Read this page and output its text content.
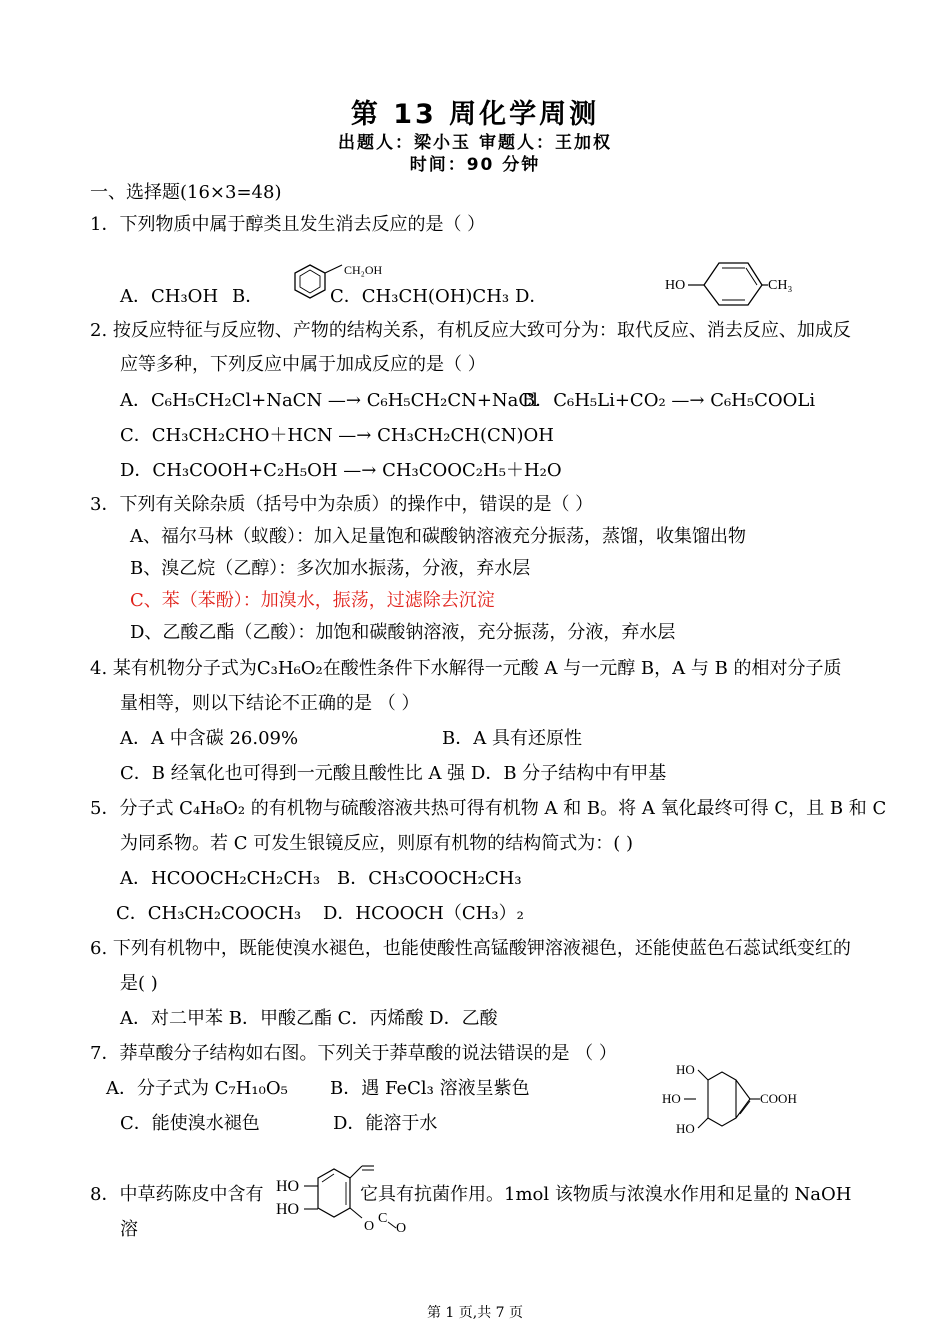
第 13 周化学周测
出题人：梁小玉 审题人：王加权
时间：90 分钟
一、选择题(16×3=48)
1．下列物质中属于醇类且发生消去反应的是（ ）
A．CH₃OH B．
CH₂OH
C．CH₃CH(OH)CH₃ D．
HO	CH₃
2. 按反应特征与反应物、产物的结构关系，有机反应大致可分为：取代反应、消去反应、加成反
应等多种，下列反应中属于加成反应的是（ ）
A．C₆H₅CH₂Cl+NaCN —→ C₆H₅CH₂CN+NaCl
B．C₆H₅Li+CO₂ —→ C₆H₅COOLi
C．CH₃CH₂CHO＋HCN —→ CH₃CH₂CH(CN)OH
D．CH₃COOH+C₂H₅OH —→ CH₃COOC₂H₅＋H₂O
3．下列有关除杂质（括号中为杂质）的操作中，错误的是（ ）
A、福尔马林（蚁酸）：加入足量饱和碳酸钠溶液充分振荡，蒸馏，收集馏出物
B、溴乙烷（乙醇）：多次加水振荡，分液，弃水层
C、苯（苯酚）：加溴水，振荡，过滤除去沉淀
D、乙酸乙酯（乙酸）：加饱和碳酸钠溶液，充分振荡，分液，弃水层
4. 某有机物分子式为C₃H₆O₂在酸性条件下水解得一元酸 A 与一元醇 B，A 与 B 的相对分子质
量相等，则以下结论不正确的是 （ ）
A．A 中含碳 26.09%	B．A 具有还原性
C．B 经氧化也可得到一元酸且酸性比 A 强 D．B 分子结构中有甲基
5．分子式 C₄H₈O₂ 的有机物与硫酸溶液共热可得有机物 A 和 B。将 A 氧化最终可得 C，且 B 和 C
为同系物。若 C 可发生银镜反应，则原有机物的结构简式为：( )
A．HCOOCH₂CH₂CH₃ B．CH₃COOCH₂CH₃
C．CH₃CH₂COOCH₃ D．HCOOCH（CH₃）₂
6. 下列有机物中，既能使溴水褪色，也能使酸性高锰酸钾溶液褪色，还能使蓝色石蕊试纸变红的
是( )
A．对二甲苯 B．甲酸乙酯 C．丙烯酸 D．乙酸
7．莽草酸分子结构如右图。下列关于莽草酸的说法错误的是 （ ）
A．分子式为 C₇H₁₀O₅ B．遇 FeCl₃ 溶液呈紫色
C．能使溴水褪色	D．能溶于水
HO
HO
HO
COOH
8．中草药陈皮中含有 HO
HO
O
C
O
它具有抗菌作用。1mol 该物质与浓溴水作用和足量的 NaOH
溶
第 1 页,共 7 页
